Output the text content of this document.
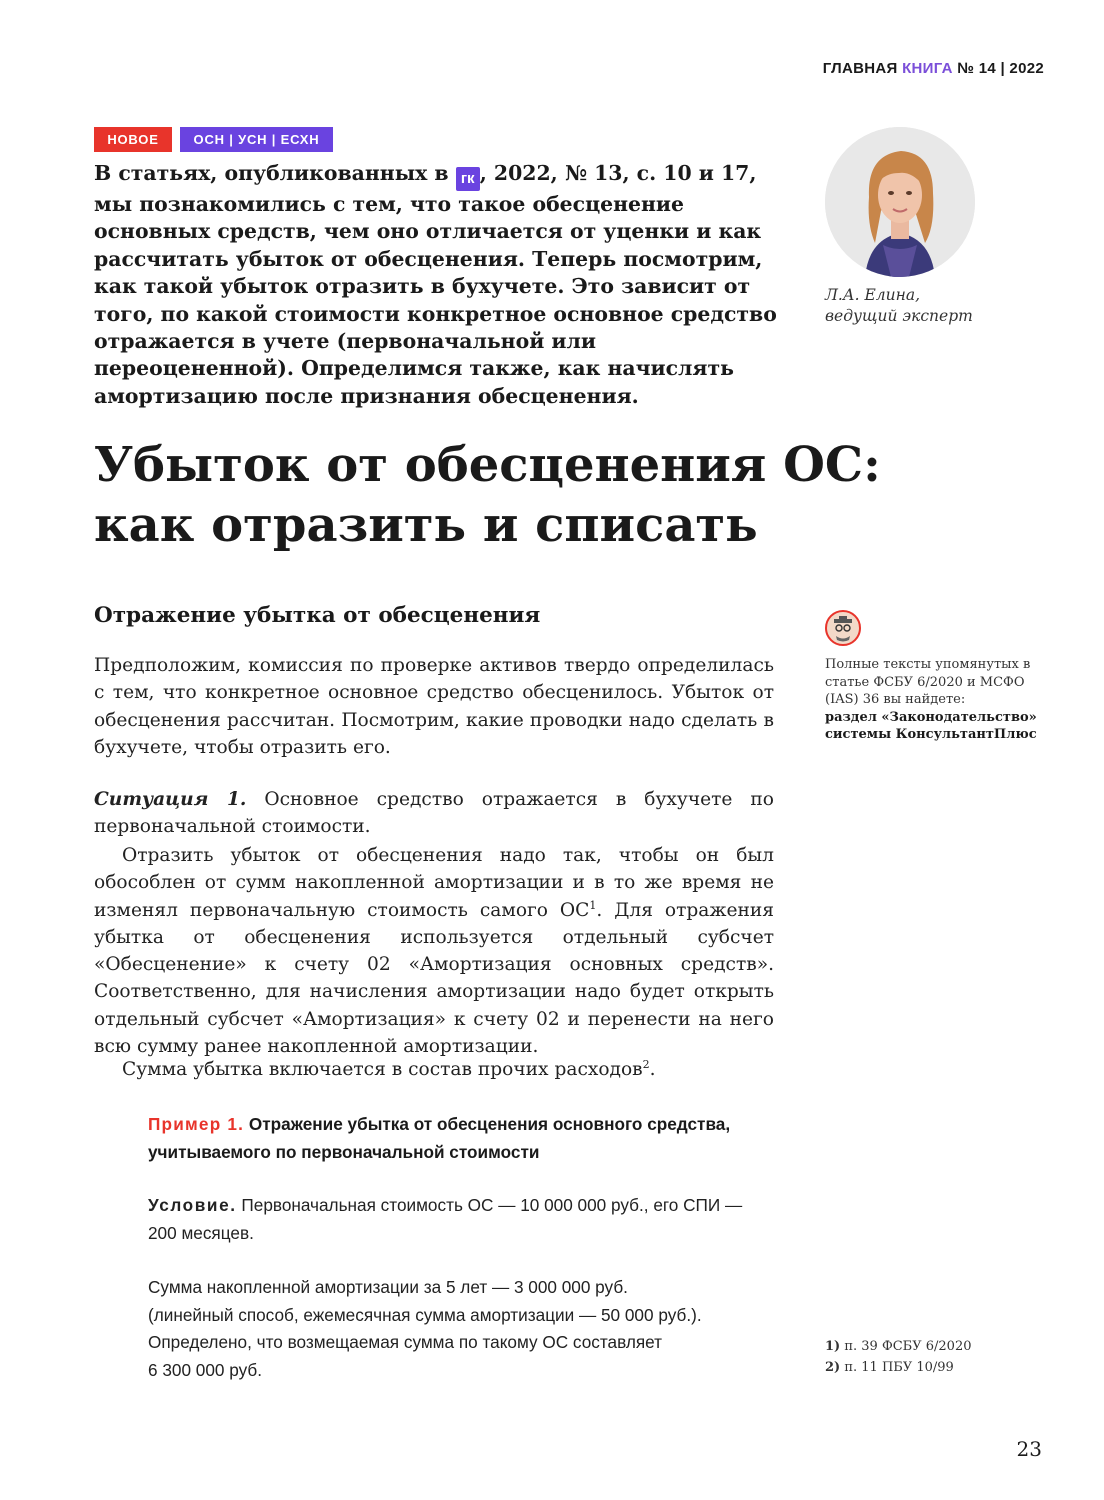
ГЛАВНАЯ КНИГА № 14 | 2022
НОВОЕ	ОСН | УСН | ЕСХН
В статьях, опубликованных в гк , 2022, № 13, с. 10 и 17, мы познакомились с тем, что такое обесценение основных средств, чем оно отличается от уценки и как рассчитать убыток от обесценения. Теперь посмотрим, как такой убыток отразить в бухучете. Это зависит от того, по какой стоимости конкретное основное средство отражается в учете (первоначальной или переоцененной). Определимся также, как начислять амортизацию после признания обесценения.
Л.А. Елина,
ведущий эксперт
Убыток от обесценения ОС:
как отразить и списать
Отражение убытка от обесценения
Предположим, комиссия по проверке активов твердо определилась с тем, что конкретное основное средство обесценилось. Убыток от обесценения рассчитан. Посмотрим, какие проводки надо сделать в бухучете, чтобы отразить его.
Ситуация 1. Основное средство отражается в бухучете по первоначальной стоимости.
Отразить убыток от обесценения надо так, чтобы он был обособлен от сумм накопленной амортизации и в то же время не изменял первоначальную стоимость самого $ОС^1$. Для отражения убытка от обесценения используется отдельный субсчет «Обесценение» к счету 02 «Амортизация основных средств». Соответственно, для начисления амортизации надо будет открыть отдельный субсчет «Амортизация» к счету 02 и перенести на него всю сумму ранее накопленной амортизации.
Сумма убытка включается в состав прочих расходов$^2$.
Пример 1. Отражение убытка от обесценения основного средства, учитываемого по первоначальной стоимости
Условие. Первоначальная стоимость ОС — 10 000 000 руб., его СПИ — 200 месяцев.
Сумма накопленной амортизации за 5 лет — 3 000 000 руб.
(линейный способ, ежемесячная сумма амортизации — 50 000 руб.).
Определено, что возмещаемая сумма по такому ОС составляет
6 300 000 руб.
Полные тексты упомянутых в статье ФСБУ 6/2020 и МСФО (IAS) 36 вы найдете:
раздел «Законодательство»
системы КонсультантПлюс
1) п. 39 ФСБУ 6/2020
2) п. 11 ПБУ 10/99
23
